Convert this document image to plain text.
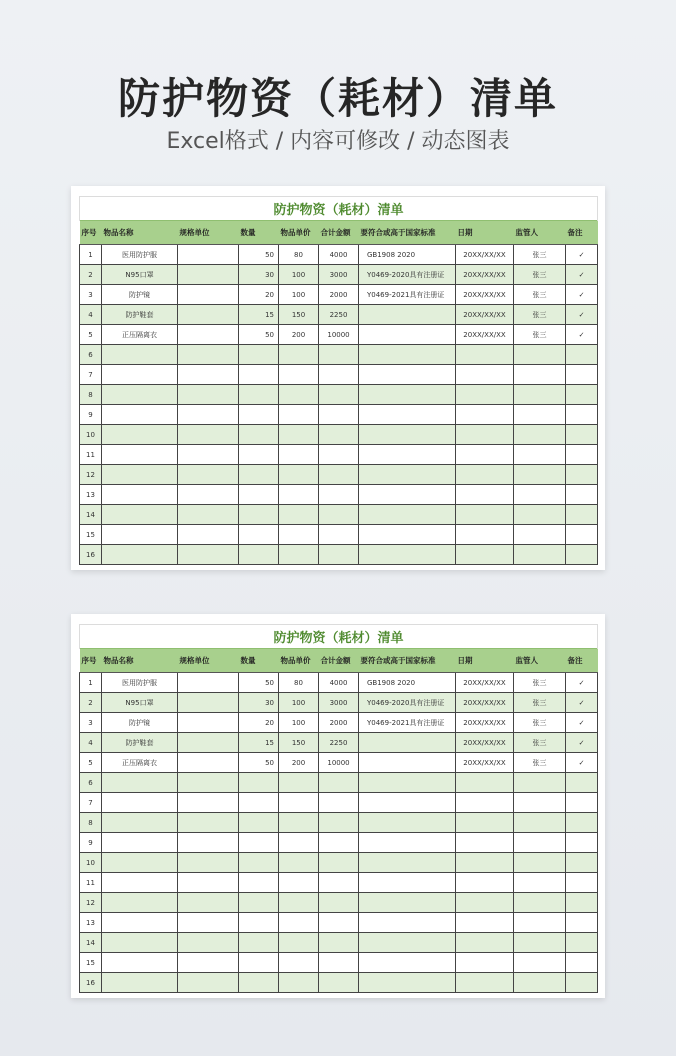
防护物资（耗材）清单
Excel格式 / 内容可修改 / 动态图表
防护物资（耗材）清单									
序号	物品名称	规格单位	数量	物品单价	合计金额	要符合或高于国家标准	日期	监管人	备注
1	医用防护服		50	80	4000	GB1908 2020	20XX/XX/XX	张三	✓
2	N95口罩		30	100	3000	Y0469-2020具有注册证	20XX/XX/XX	张三	✓
3	防护镜		20	100	2000	Y0469-2021具有注册证	20XX/XX/XX	张三	✓
4	防护鞋套		15	150	2250		20XX/XX/XX	张三	✓
5	正压隔离衣		50	200	10000		20XX/XX/XX	张三	✓
6									
7									
8									
9									
10									
11									
12									
13									
14									
15									
16									
防护物资（耗材）清单									
序号	物品名称	规格单位	数量	物品单价	合计金额	要符合或高于国家标准	日期	监管人	备注
1	医用防护服		50	80	4000	GB1908 2020	20XX/XX/XX	张三	✓
2	N95口罩		30	100	3000	Y0469-2020具有注册证	20XX/XX/XX	张三	✓
3	防护镜		20	100	2000	Y0469-2021具有注册证	20XX/XX/XX	张三	✓
4	防护鞋套		15	150	2250		20XX/XX/XX	张三	✓
5	正压隔离衣		50	200	10000		20XX/XX/XX	张三	✓
6									
7									
8									
9									
10									
11									
12									
13									
14									
15									
16									
